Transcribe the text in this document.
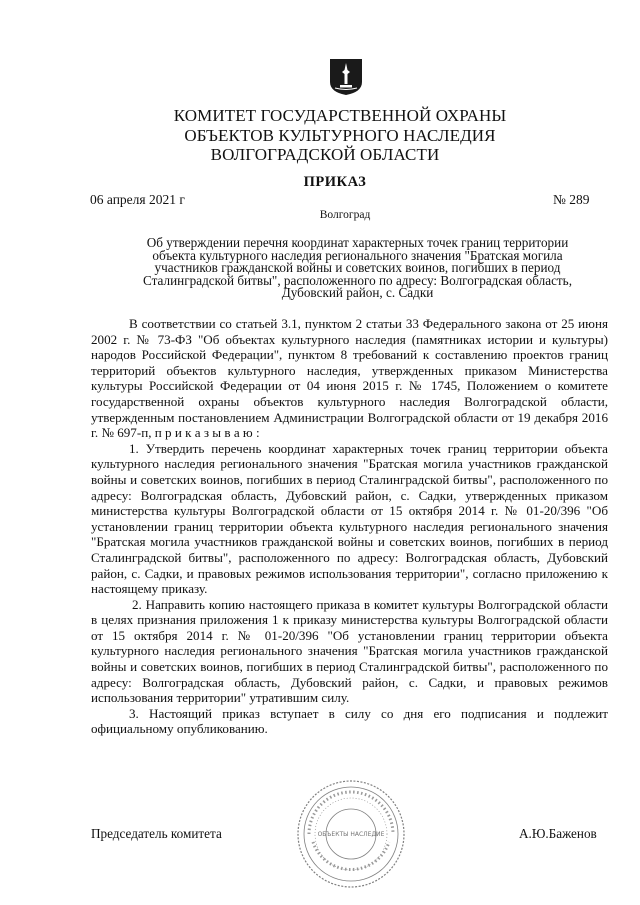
КОМИТЕТ ГОСУДАРСТВЕННОЙ ОХРАНЫ
ОБЪЕКТОВ КУЛЬТУРНОГО НАСЛЕДИЯ
ВОЛГОГРАДСКОЙ ОБЛАСТИ
ПРИКАЗ
06 апреля 2021 г	№ 289
Волгоград
Об утверждении перечня координат характерных точек границ территории
объекта культурного наследия регионального значения "Братская могила
участников гражданской войны и советских воинов, погибших в период
Сталинградской битвы", расположенного по адресу: Волгоградская область,
Дубовский район, с. Садки

В соответствии со статьей 3.1, пунктом 2 статьи 33 Федерального закона от 25 июня 2002 г. № 73-ФЗ "Об объектах культурного наследия (памятниках истории и культуры) народов Российской Федерации", пунктом 8 требований к составлению проектов границ территорий объектов культурного наследия, утвержденных приказом Министерства культуры Российской Федерации от 04 июня 2015 г. № 1745, Положением о комитете государственной охраны объектов культурного наследия Волгоградской области, утвержденным постановлением Администрации Волгоградской области от 19 декабря 2016 г. № 697-п, п р и к а з ы в а ю :

1. Утвердить перечень координат характерных точек границ территории объекта культурного наследия регионального значения "Братская могила участников гражданской войны и советских воинов, погибших в период Сталинградской битвы", расположенного по адресу: Волгоградская область, Дубовский район, с. Садки, утвержденных приказом министерства культуры Волгоградской области от 15 октября 2014 г. № 01-20/396 "Об установлении границ территории объекта культурного наследия регионального значения "Братская могила участников гражданской войны и советских воинов, погибших в период Сталинградской битвы", расположенного по адресу: Волгоградская область, Дубовский район, с. Садки, и правовых режимов использования территории", согласно приложению к настоящему приказу.

2. Направить копию настоящего приказа в комитет культуры Волгоградской области в целях признания приложения 1 к приказу министерства культуры Волгоградской области от 15 октября 2014 г. № 01-20/396 "Об установлении границ территории объекта культурного наследия регионального значения "Братская могила участников гражданской войны и советских воинов, погибших в период Сталинградской битвы", расположенного по адресу: Волгоградская область, Дубовский район, с. Садки, и правовых режимов использования территории" утратившим силу.

3. Настоящий приказ вступает в силу со дня его подписания и подлежит официальному опубликованию.

Председатель комитета	А.Ю.Баженов
ОБЪЕКТЫ НАСЛЕДИЕ
